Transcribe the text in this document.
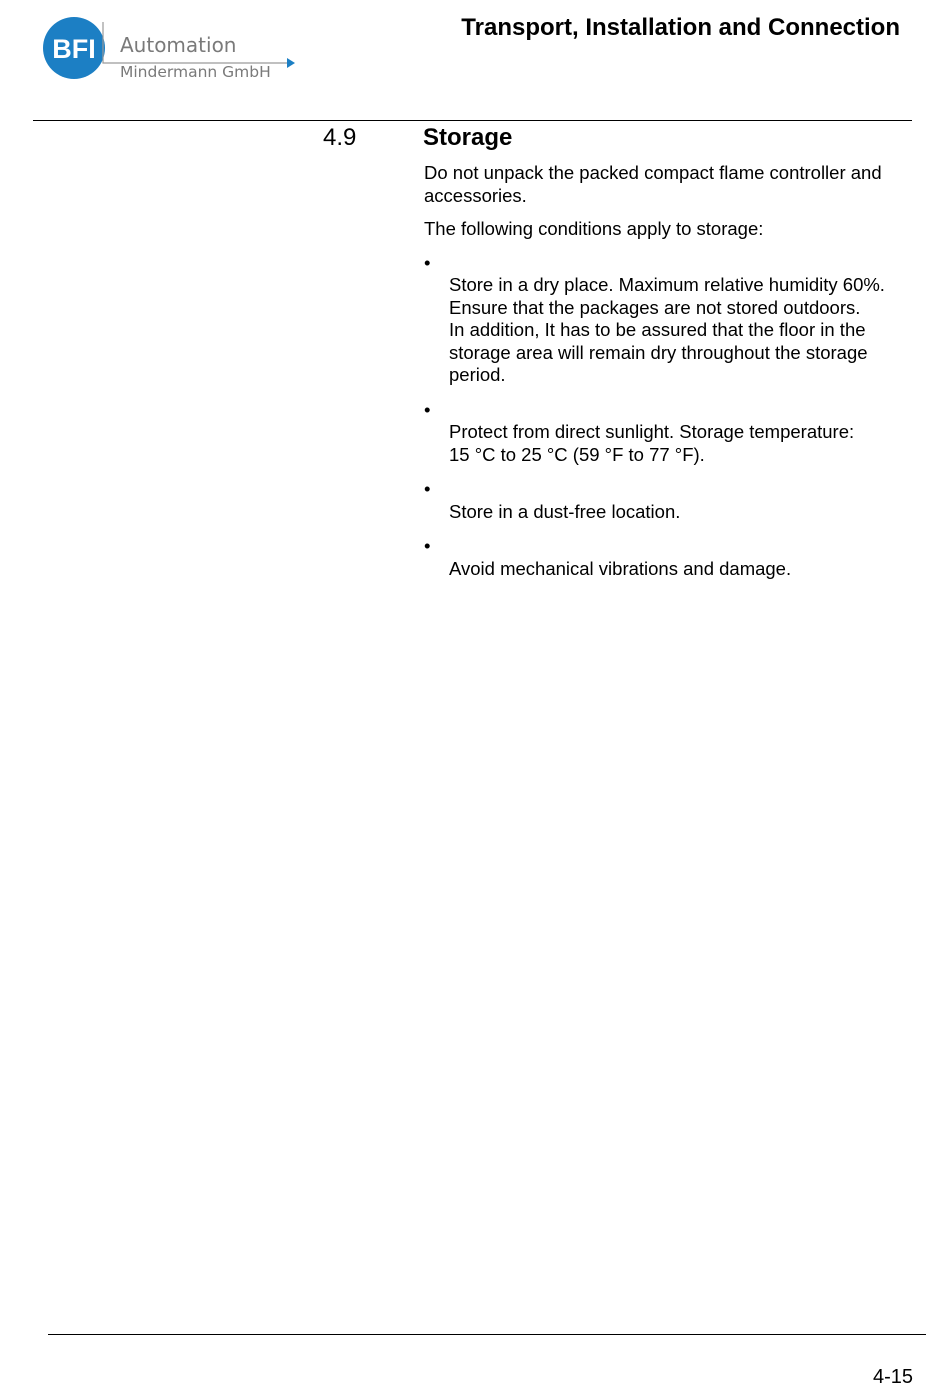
BFI Automation
Mindermann GmbH
Transport, Installation and Connection
4.9	Storage

Do not unpack the packed compact flame controller and accessories.

The following conditions apply to storage:

•
Store in a dry place. Maximum relative humidity 60%.
Ensure that the packages are not stored outdoors.
In addition, It has to be assured that the floor in the storage area will remain dry throughout the storage period.

•
Protect from direct sunlight. Storage temperature:
15 °C to 25 °C (59 °F to 77 °F).

•
Store in a dust-free location.

•
Avoid mechanical vibrations and damage.

4-15
